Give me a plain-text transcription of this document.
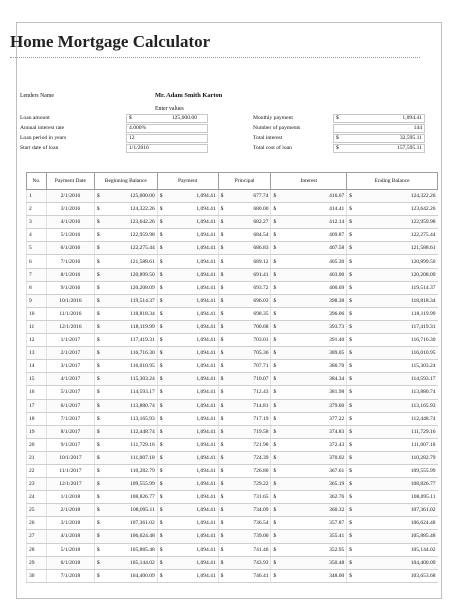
Home Mortgage Calculator
Lenders Name	Mr. Adam Smith Karton
Enter values
Loan amount	$	125,000.00
Annual interest rate	4.000%
Loan period in years	12
Start date of loan	1/1/2016
Monthly payment	$	1,094.41
Number of payments	144
Total interest	$	32,595.11
Total cost of loan	$	157,595.11
No.	Payment Date	Beginning Balance	Payment	Principal	Interest	Ending Balance
1	2/1/2016	$ 125,000.00	$ 1,094.41	$ 677.74	$ 416.67	$ 124,322.26

2	3/1/2016	$ 124,322.26	$ 1,094.41	$ 680.00	$ 414.41	$ 123,642.26

3	4/1/2016	$ 123,642.26	$ 1,094.41	$ 682.27	$ 412.14	$ 122,959.98

4	5/1/2016	$ 122,959.98	$ 1,094.41	$ 684.54	$ 409.87	$ 122,275.44

5	6/1/2016	$ 122,275.44	$ 1,094.41	$ 686.83	$ 407.58	$ 121,588.61

6	7/1/2016	$ 121,588.61	$ 1,094.41	$ 689.12	$ 405.30	$ 120,899.50

7	8/1/2016	$ 120,899.50	$ 1,094.41	$ 691.41	$ 403.00	$ 120,208.09

8	9/1/2016	$ 120,208.09	$ 1,094.41	$ 693.72	$ 400.69	$ 119,514.37

9	10/1/2016	$ 119,514.37	$ 1,094.41	$ 696.03	$ 398.38	$ 118,818.34

10	11/1/2016	$ 118,818.34	$ 1,094.41	$ 698.35	$ 396.06	$ 118,119.99

11	12/1/2016	$ 118,119.99	$ 1,094.41	$ 700.68	$ 393.73	$ 117,419.31

12	1/1/2017	$ 117,419.31	$ 1,094.41	$ 703.01	$ 391.40	$ 116,716.30

13	2/1/2017	$ 116,716.30	$ 1,094.41	$ 705.36	$ 389.05	$ 116,010.95

14	3/1/2017	$ 116,010.95	$ 1,094.41	$ 707.71	$ 386.70	$ 115,303.24

15	4/1/2017	$ 115,303.24	$ 1,094.41	$ 710.07	$ 384.34	$ 114,593.17

16	5/1/2017	$ 114,593.17	$ 1,094.41	$ 712.43	$ 381.98	$ 113,880.74

17	6/1/2017	$ 113,880.74	$ 1,094.41	$ 714.81	$ 379.60	$ 113,165.93

18	7/1/2017	$ 113,165.93	$ 1,094.41	$ 717.19	$ 377.22	$ 112,448.74

19	8/1/2017	$ 112,448.74	$ 1,094.41	$ 719.58	$ 374.83	$ 111,729.16

20	9/1/2017	$ 111,729.16	$ 1,094.41	$ 721.98	$ 372.43	$ 111,007.18

21	10/1/2017	$ 111,007.18	$ 1,094.41	$ 724.39	$ 370.02	$ 110,282.79

22	11/1/2017	$ 110,282.79	$ 1,094.41	$ 726.80	$ 367.61	$ 109,555.99

23	12/1/2017	$ 109,555.99	$ 1,094.41	$ 729.22	$ 365.19	$ 108,826.77

24	1/1/2018	$ 108,826.77	$ 1,094.41	$ 731.65	$ 362.76	$ 108,095.11

25	2/1/2018	$ 108,095.11	$ 1,094.41	$ 734.09	$ 360.32	$ 107,361.02

26	3/1/2018	$ 107,361.02	$ 1,094.41	$ 736.54	$ 357.87	$ 106,624.48

27	4/1/2018	$ 106,624.48	$ 1,094.41	$ 739.00	$ 355.41	$ 105,885.48

28	5/1/2018	$ 105,885.48	$ 1,094.41	$ 741.46	$ 352.95	$ 105,144.02

29	6/1/2018	$ 105,144.02	$ 1,094.41	$ 743.93	$ 350.48	$ 104,400.09

30	7/1/2018	$ 104,400.09	$ 1,094.41	$ 746.41	$ 348.00	$ 103,653.68
